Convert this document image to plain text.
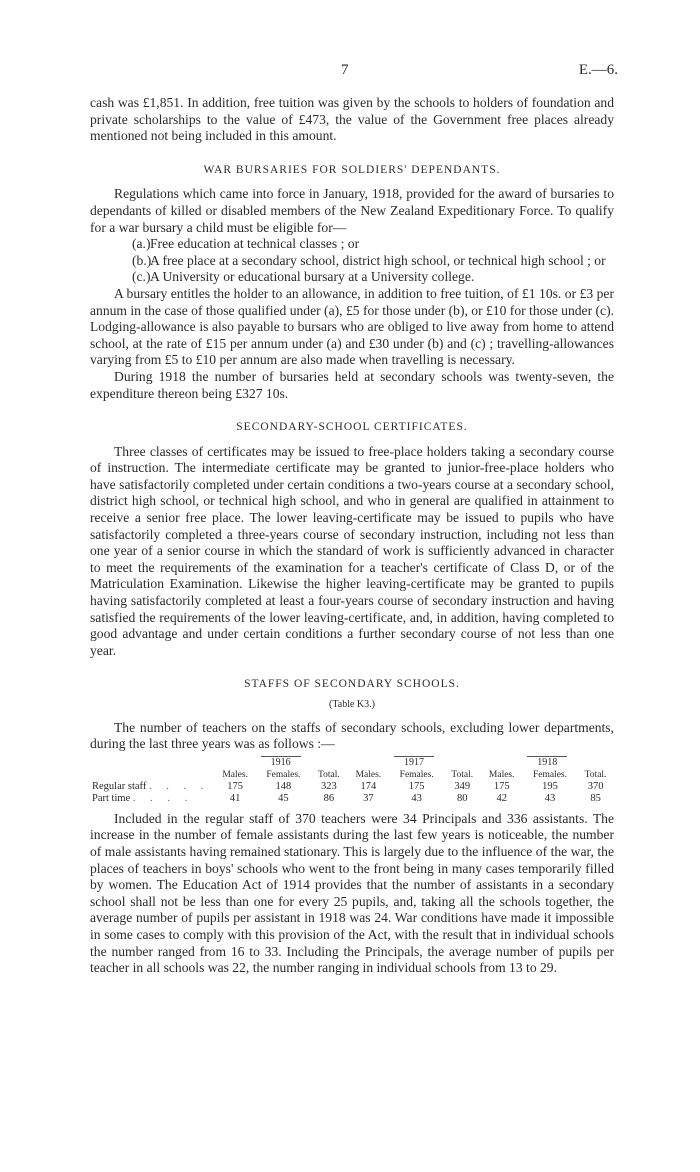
7	E.—6.

cash was £1,851. In addition, free tuition was given by the schools to holders of foundation and private scholarships to the value of £473, the value of the Government free places already mentioned not being included in this amount.

WAR BURSARIES FOR SOLDIERS' DEPENDANTS.

Regulations which came into force in January, 1918, provided for the award of bursaries to dependants of killed or disabled members of the New Zealand Expeditionary Force. To qualify for a war bursary a child must be eligible for—

(a.)Free education at technical classes ; or
(b.)A free place at a secondary school, district high school, or technical high school ; or
(c.)A University or educational bursary at a University college.

A bursary entitles the holder to an allowance, in addition to free tuition, of £1 10s. or £3 per annum in the case of those qualified under (a), £5 for those under (b), or £10 for those under (c). Lodging-allowance is also payable to bursars who are obliged to live away from home to attend school, at the rate of £15 per annum under (a) and £30 under (b) and (c) ; travelling-allowances varying from £5 to £10 per annum are also made when travelling is necessary.

During 1918 the number of bursaries held at secondary schools was twenty-seven, the expenditure thereon being £327 10s.

SECONDARY-SCHOOL CERTIFICATES.

Three classes of certificates may be issued to free-place holders taking a secondary course of instruction. The intermediate certificate may be granted to junior-free-place holders who have satisfactorily completed under certain conditions a two-years course at a secondary school, district high school, or technical high school, and who in general are qualified in attainment to receive a senior free place. The lower leaving-certificate may be issued to pupils who have satisfactorily completed a three-years course of secondary instruction, including not less than one year of a senior course in which the standard of work is sufficiently advanced in character to meet the requirements of the examination for a teacher's certificate of Class D, or of the Matriculation Examination. Likewise the higher leaving-certificate may be granted to pupils having satisfactorily completed at least a four-years course of secondary instruction and having satisfied the requirements of the lower leaving-certificate, and, in addition, having completed to good advantage and under certain conditions a further secondary course of not less than one year.

STAFFS OF SECONDARY SCHOOLS.
(Table K3.)

The number of teachers on the staffs of secondary schools, excluding lower departments, during the last three years was as follows :—

	1916			1917			1918		
	Males.	Females.	Total.	Males.	Females.	Total.	Males.	Females.	Total.
Regular staff . . . .	175	148	323	174	175	349	175	195	370
Part time . . . .	41	45	86	37	43	80	42	43	85

Included in the regular staff of 370 teachers were 34 Principals and 336 assistants. The increase in the number of female assistants during the last few years is noticeable, the number of male assistants having remained stationary. This is largely due to the influence of the war, the places of teachers in boys' schools who went to the front being in many cases temporarily filled by women. The Education Act of 1914 provides that the number of assistants in a secondary school shall not be less than one for every 25 pupils, and, taking all the schools together, the average number of pupils per assistant in 1918 was 24. War conditions have made it impossible in some cases to comply with this provision of the Act, with the result that in individual schools the number ranged from 16 to 33. Including the Principals, the average number of pupils per teacher in all schools was 22, the number ranging in individual schools from 13 to 29.
